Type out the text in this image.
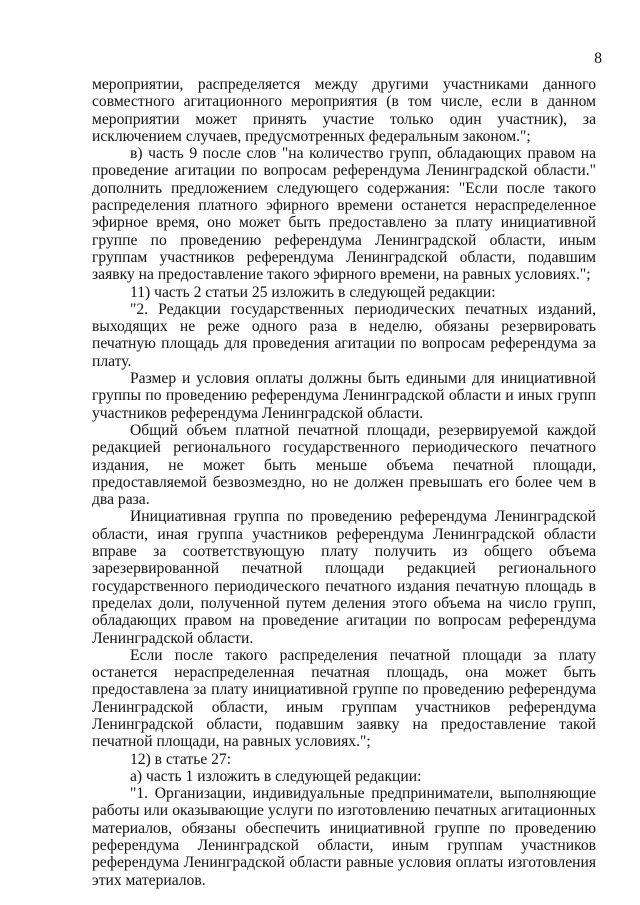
8

мероприятии, распределяется между другими участниками данного совместного агитационного мероприятия (в том числе, если в данном мероприятии может принять участие только один участник), за исключением случаев, предусмотренных федеральным законом.";

в) часть 9 после слов "на количество групп, обладающих правом на проведение агитации по вопросам референдума Ленинградской области." дополнить предложением следующего содержания: "Если после такого распределения платного эфирного времени останется нераспределенное эфирное время, оно может быть предоставлено за плату инициативной группе по проведению референдума Ленинградской области, иным группам участников референдума Ленинградской области, подавшим заявку на предоставление такого эфирного времени, на равных условиях.";

11) часть 2 статьи 25 изложить в следующей редакции:

"2. Редакции государственных периодических печатных изданий, выходящих не реже одного раза в неделю, обязаны резервировать печатную площадь для проведения агитации по вопросам референдума за плату.

Размер и условия оплаты должны быть едиными для инициативной группы по проведению референдума Ленинградской области и иных групп участников референдума Ленинградской области.

Общий объем платной печатной площади, резервируемой каждой редакцией регионального государственного периодического печатного издания, не может быть меньше объема печатной площади, предоставляемой безвозмездно, но не должен превышать его более чем в два раза.

Инициативная группа по проведению референдума Ленинградской области, иная группа участников референдума Ленинградской области вправе за соответствующую плату получить из общего объема зарезервированной печатной площади редакцией регионального государственного периодического печатного издания печатную площадь в пределах доли, полученной путем деления этого объема на число групп, обладающих правом на проведение агитации по вопросам референдума Ленинградской области.

Если после такого распределения печатной площади за плату останется нераспределенная печатная площадь, она может быть предоставлена за плату инициативной группе по проведению референдума Ленинградской области, иным группам участников референдума Ленинградской области, подавшим заявку на предоставление такой печатной площади, на равных условиях.";

12) в статье 27:

а) часть 1 изложить в следующей редакции:

"1. Организации, индивидуальные предприниматели, выполняющие работы или оказывающие услуги по изготовлению печатных агитационных материалов, обязаны обеспечить инициативной группе по проведению референдума Ленинградской области, иным группам участников референдума Ленинградской области равные условия оплаты изготовления этих материалов.
